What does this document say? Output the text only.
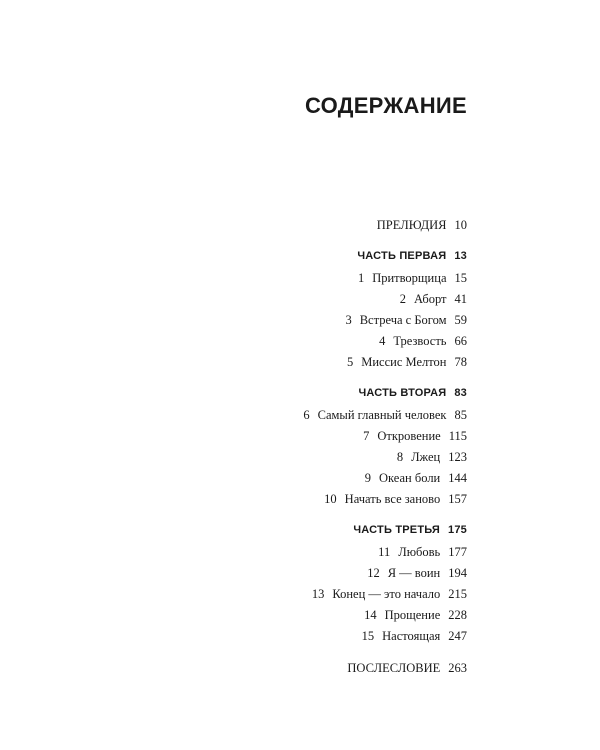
СОДЕРЖАНИЕ
ПРЕЛЮДИЯ 10
ЧАСТЬ ПЕРВАЯ 13
1 Притворщица 15
2 Аборт 41
3 Встреча с Богом 59
4 Трезвость 66
5 Миссис Мелтон 78
ЧАСТЬ ВТОРАЯ 83
6 Самый главный человек 85
7 Откровение 115
8 Лжец 123
9 Океан боли 144
10 Начать все заново 157
ЧАСТЬ ТРЕТЬЯ 175
11 Любовь 177
12 Я — воин 194
13 Конец — это начало 215
14 Прощение 228
15 Настоящая 247
ПОСЛЕСЛОВИЕ 263
